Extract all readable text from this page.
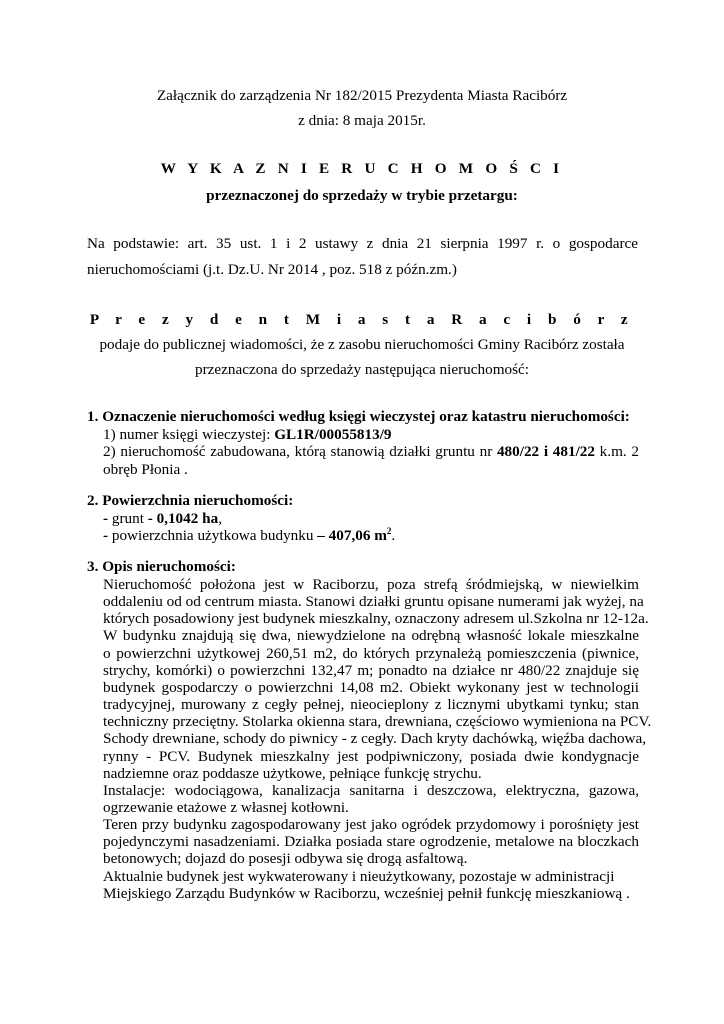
Załącznik do zarządzenia Nr 182/2015 Prezydenta Miasta Racibórz

z dnia: 8 maja 2015r.

W Y K A Z N I E R U C H O M O Ś C I

przeznaczonej do sprzedaży w trybie przetargu:

Na podstawie: art. 35 ust. 1 i 2 ustawy z dnia 21 sierpnia 1997 r. o gospodarce

nieruchomościami (j.t. Dz.U. Nr 2014 , poz. 518 z późn.zm.)

P r e z y d e n t M i a s t a R a c i b ó r z

podaje do publicznej wiadomości, że z zasobu nieruchomości Gminy Racibórz została

przeznaczona do sprzedaży następująca nieruchomość:

1. Oznaczenie nieruchomości według księgi wieczystej oraz katastru nieruchomości:

1) numer księgi wieczystej: GL1R/00055813/9

2) nieruchomość zabudowana, którą stanowią działki gruntu nr 480/22 i 481/22 k.m. 2

obręb Płonia .

2. Powierzchnia nieruchomości:

- grunt - 0,1042 ha,

- powierzchnia użytkowa budynku – 407,06 $m^2$.

3. Opis nieruchomości:

Nieruchomość położona jest w Raciborzu, poza strefą śródmiejską, w niewielkim

oddaleniu od od centrum miasta. Stanowi działki gruntu opisane numerami jak wyżej, na

których posadowiony jest budynek mieszkalny, oznaczony adresem ul.Szkolna nr 12-12a.

W budynku znajdują się dwa, niewydzielone na odrębną własność lokale mieszkalne

o powierzchni użytkowej 260,51 m2, do których przynależą pomieszczenia (piwnice,

strychy, komórki) o powierzchni 132,47 m; ponadto na działce nr 480/22 znajduje się

budynek gospodarczy o powierzchni 14,08 m2. Obiekt wykonany jest w technologii

tradycyjnej, murowany z cegły pełnej, nieocieplony z licznymi ubytkami tynku; stan

techniczny przeciętny. Stolarka okienna stara, drewniana, częściowo wymieniona na PCV.

Schody drewniane, schody do piwnicy - z cegły. Dach kryty dachówką, więźba dachowa,

rynny - PCV. Budynek mieszkalny jest podpiwniczony, posiada dwie kondygnacje

nadziemne oraz poddasze użytkowe, pełniące funkcję strychu.

Instalacje: wodociągowa, kanalizacja sanitarna i deszczowa, elektryczna, gazowa,

ogrzewanie etażowe z własnej kotłowni.

Teren przy budynku zagospodarowany jest jako ogródek przydomowy i porośnięty jest

pojedynczymi nasadzeniami. Działka posiada stare ogrodzenie, metalowe na bloczkach

betonowych; dojazd do posesji odbywa się drogą asfaltową.

Aktualnie budynek jest wykwaterowany i nieużytkowany, pozostaje w administracji

Miejskiego Zarządu Budynków w Raciborzu, wcześniej pełnił funkcję mieszkaniową .
